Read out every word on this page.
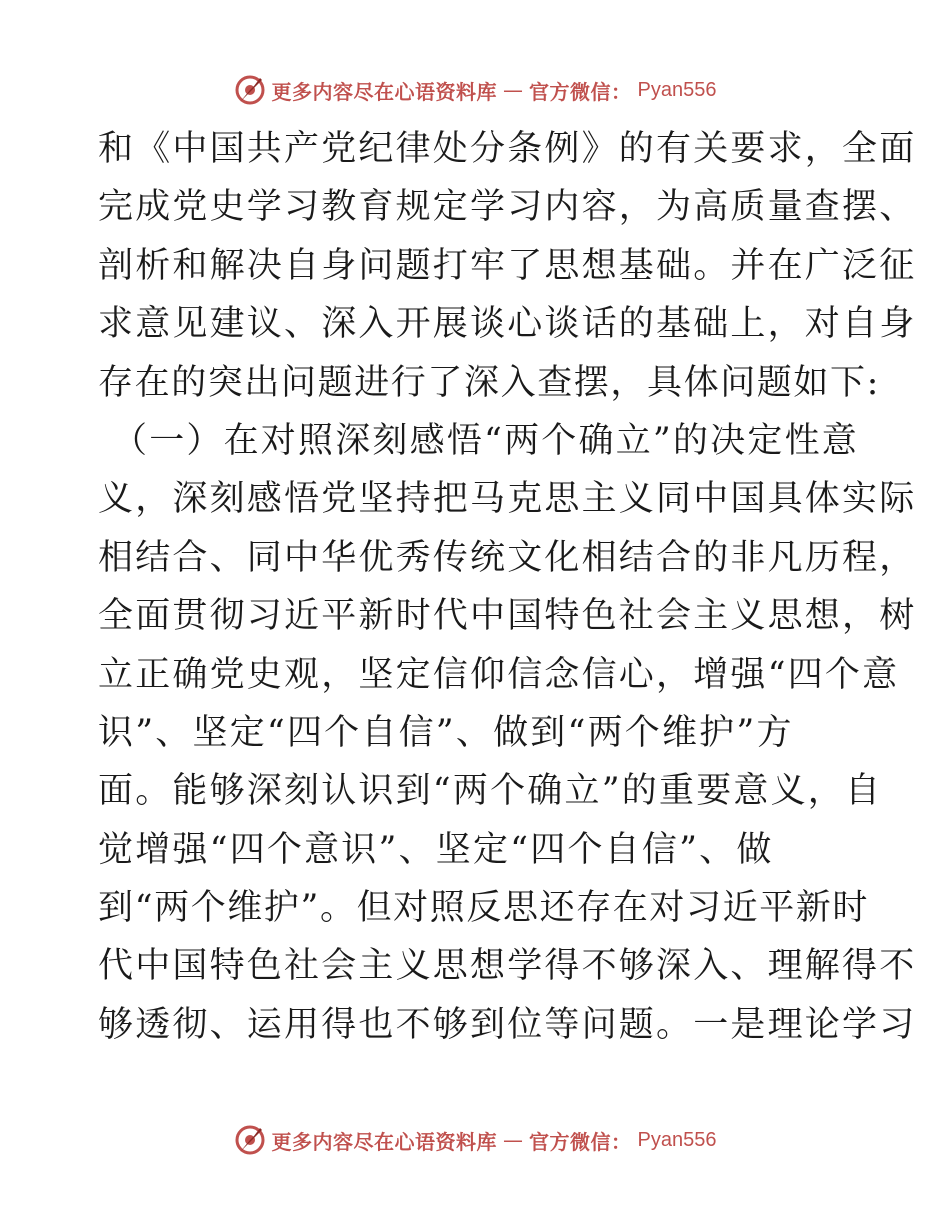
更多内容尽在心语资料库 — 官方微信： Pyan556
和《中国共产党纪律处分条例》的有关要求，全面
完成党史学习教育规定学习内容，为高质量查摆、
剖析和解决自身问题打牢了思想基础。并在广泛征
求意见建议、深入开展谈心谈话的基础上，对自身
存在的突出问题进行了深入查摆，具体问题如下:
（一）在对照深刻感悟“两个确立”的决定性意
义，深刻感悟党坚持把马克思主义同中国具体实际
相结合、同中华优秀传统文化相结合的非凡历程，
全面贯彻习近平新时代中国特色社会主义思想，树
立正确党史观，坚定信仰信念信心，增强“四个意
识”、坚定“四个自信”、做到“两个维护”方
面。能够深刻认识到“两个确立”的重要意义，自
觉增强“四个意识”、坚定“四个自信”、做
到“两个维护”。但对照反思还存在对习近平新时
代中国特色社会主义思想学得不够深入、理解得不
够透彻、运用得也不够到位等问题。一是理论学习
更多内容尽在心语资料库 — 官方微信： Pyan556
